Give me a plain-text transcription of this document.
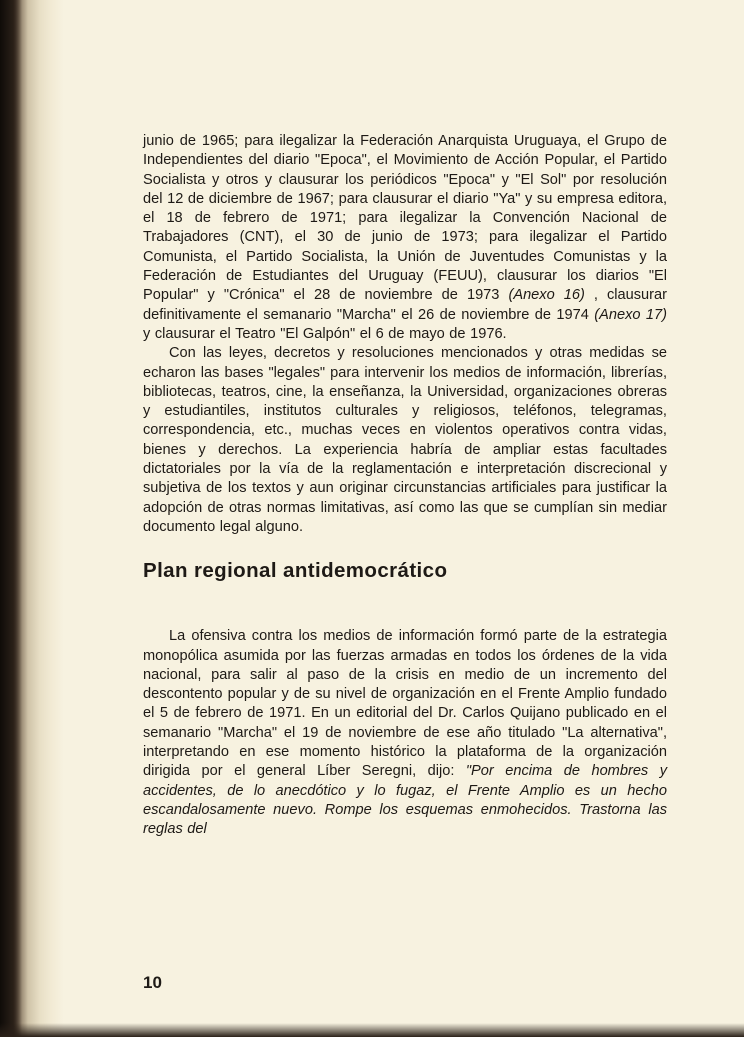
junio de 1965; para ilegalizar la Federación Anarquista Uruguaya, el Grupo de Independientes del diario "Epoca", el Movimiento de Acción Popular, el Partido Socialista y otros y clausurar los periódicos "Epoca" y "El Sol" por resolución del 12 de diciembre de 1967; para clausurar el diario "Ya" y su empresa editora, el 18 de febrero de 1971; para ilegalizar la Convención Nacional de Trabajadores (CNT), el 30 de junio de 1973; para ilegalizar el Partido Comunista, el Partido Socialista, la Unión de Juventudes Comunistas y la Federación de Estudiantes del Uruguay (FEUU), clausurar los diarios "El Popular" y "Crónica" el 28 de noviembre de 1973 (Anexo 16) , clausurar definitivamente el semanario "Marcha" el 26 de noviembre de 1974 (Anexo 17) y clausurar el Teatro "El Galpón" el 6 de mayo de 1976.

Con las leyes, decretos y resoluciones mencionados y otras medidas se echaron las bases "legales" para intervenir los medios de información, librerías, bibliotecas, teatros, cine, la enseñanza, la Universidad, organizaciones obreras y estudiantiles, institutos culturales y religiosos, teléfonos, telegramas, correspondencia, etc., muchas veces en violentos operativos contra vidas, bienes y derechos. La experiencia habría de ampliar estas facultades dictatoriales por la vía de la reglamentación e interpretación discrecional y subjetiva de los textos y aun originar circunstancias artificiales para justificar la adopción de otras normas limitativas, así como las que se cumplían sin mediar documento legal alguno.

Plan regional antidemocrático

La ofensiva contra los medios de información formó parte de la estrategia monopólica asumida por las fuerzas armadas en todos los órdenes de la vida nacional, para salir al paso de la crisis en medio de un incremento del descontento popular y de su nivel de organización en el Frente Amplio fundado el 5 de febrero de 1971. En un editorial del Dr. Carlos Quijano publicado en el semanario "Marcha" el 19 de noviembre de ese año titulado "La alternativa", interpretando en ese momento histórico la plataforma de la organización dirigida por el general Líber Seregni, dijo: "Por encima de hombres y accidentes, de lo anecdótico y lo fugaz, el Frente Amplio es un hecho escandalosamente nuevo. Rompe los esquemas enmohecidos. Trastorna las reglas del

10
